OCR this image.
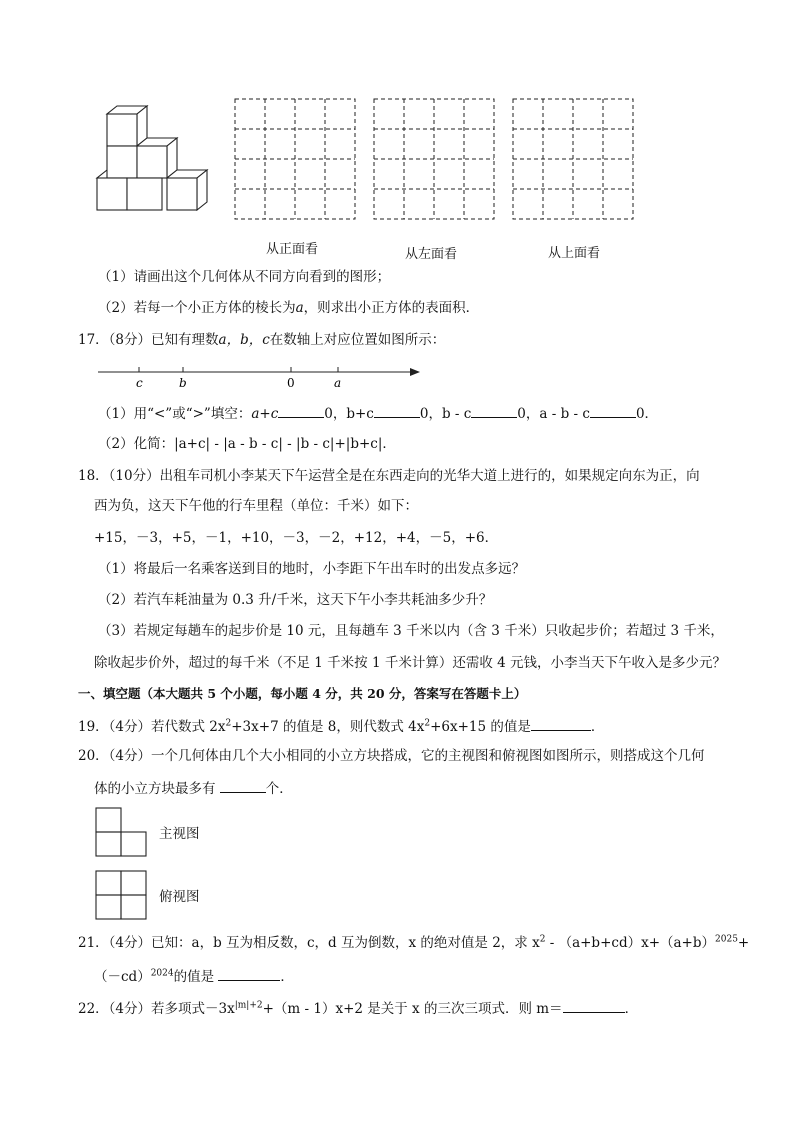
从正面看	从左面看	从上面看
（1）请画出这个几何体从不同方向看到的图形；
（2）若每一个小正方体的棱长为a，则求出小正方体的表面积．
17．（8分）已知有理数a，b，c在数轴上对应位置如图所示：
c	b	0	a
（1）用“<”或“>”填空：a+c	0，b+c	0，b - c	0，a - b - c	0．
（2）化简：|a+c| - |a - b - c| - |b - c|+|b+c|．
18．（10分）出租车司机小李某天下午运营全是在东西走向的光华大道上进行的，如果规定向东为正，向
西为负，这天下午他的行车里程（单位：千米）如下：
+15，－3，+5，－1，+10，－3，－2，+12，+4，－5，+6．
（1）将最后一名乘客送到目的地时，小李距下午出车时的出发点多远？
（2）若汽车耗油量为 0.3 升/千米，这天下午小李共耗油多少升？
（3）若规定每趟车的起步价是 10 元，且每趟车 3 千米以内（含 3 千米）只收起步价；若超过 3 千米，
除收起步价外，超过的每千米（不足 1 千米按 1 千米计算）还需收 4 元钱，小李当天下午收入是多少元？
一、填空题（本大题共 5 个小题，每小题 4 分，共 20 分，答案写在答题卡上）
19．（4分）若代数式 $2x^2+3x+7$ 的值是 8，则代数式 $4x^2+6x+15$ 的值是	．
20．（4分）一个几何体由几个大小相同的小立方块搭成，它的主视图和俯视图如图所示，则搭成这个几何
体的小立方块最多有	个．
主视图
俯视图
21．（4分）已知：a，b 互为相反数，c，d 互为倒数，x 的绝对值是 2，求 $x^2 - (a+b+cd)x+(a+b)^{2025}+$
$(-cd)^{2024}$的值是	．
22．（4分）若多项式$-3x^{|m|+2}+(m - 1)x+2$ 是关于 x 的三次三项式．则 m＝	．
